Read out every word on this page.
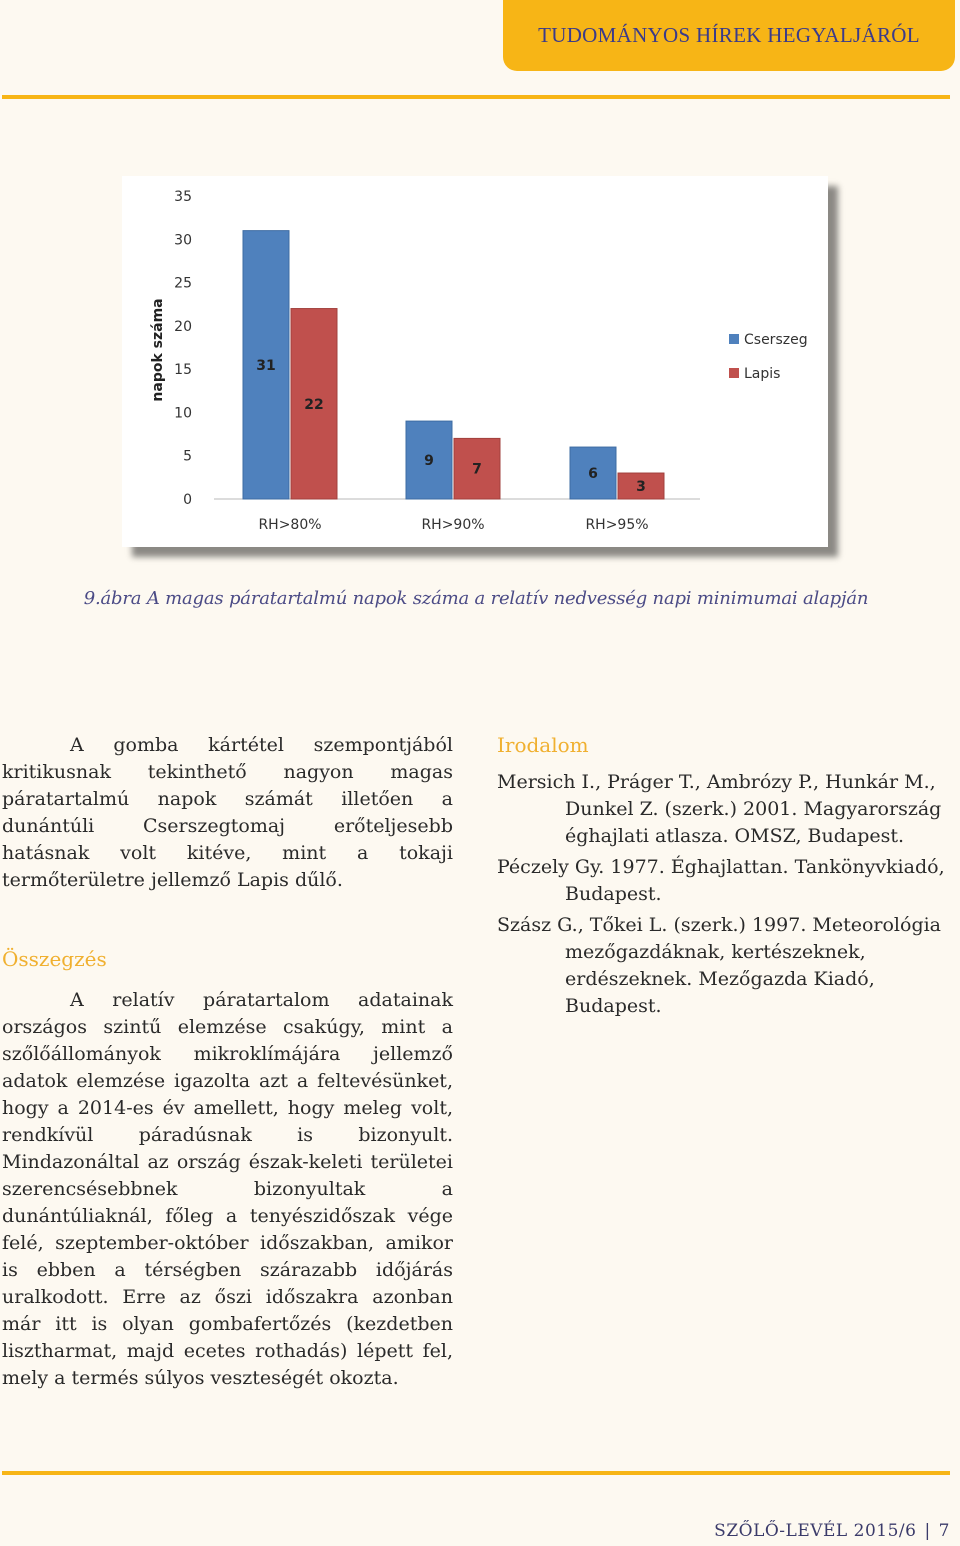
TUDOMÁNYOS HÍREK HEGYALJÁRÓL
napok száma
0
5
10
15
20
25
30
35
31
22
9
7	6
3
RH>80%	RH>90%	RH>95%
Cserszeg
Lapis
9.ábra A magas páratartalmú napok száma a relatív nedvesség napi minimumai alapján

A gomba kártétel szempontjából kritikusnak tekinthető nagyon magas páratartalmú napok számát illetően a dunántúli Cserszegtomaj erőteljesebb hatásnak volt kitéve, mint a tokaji termőterületre jellemző Lapis dűlő.

Összegzés

A relatív páratartalom adatainak országos szintű elemzése csakúgy, mint a szőlőállományok mikroklímájára jellemző adatok elemzése igazolta azt a feltevésünket, hogy a 2014-es év amellett, hogy meleg volt, rendkívül páradúsnak is bizonyult. Mindazonáltal az ország észak-keleti területei szerencsésebbnek bizonyultak a dunántúliaknál, főleg a tenyészidőszak vége felé, szeptember-október időszakban, amikor is ebben a térségben szárazabb időjárás uralkodott. Erre az őszi időszakra azonban már itt is olyan gombafertőzés (kezdetben lisztharmat, majd ecetes rothadás) lépett fel, mely a termés súlyos veszteségét okozta.

Irodalom

Mersich I., Práger T., Ambrózy P., Hunkár M., Dunkel Z. (szerk.) 2001. Magyarország éghajlati atlasza. OMSZ, Budapest.

Péczely Gy. 1977. Éghajlattan. Tankönyvkiadó, Budapest.

Szász G., Tőkei L. (szerk.) 1997. Meteorológia mezőgazdáknak, kertészeknek, erdészeknek. Mezőgazda Kiadó, Budapest.

SZŐLŐ-LEVÉL 2015/6 | 7
